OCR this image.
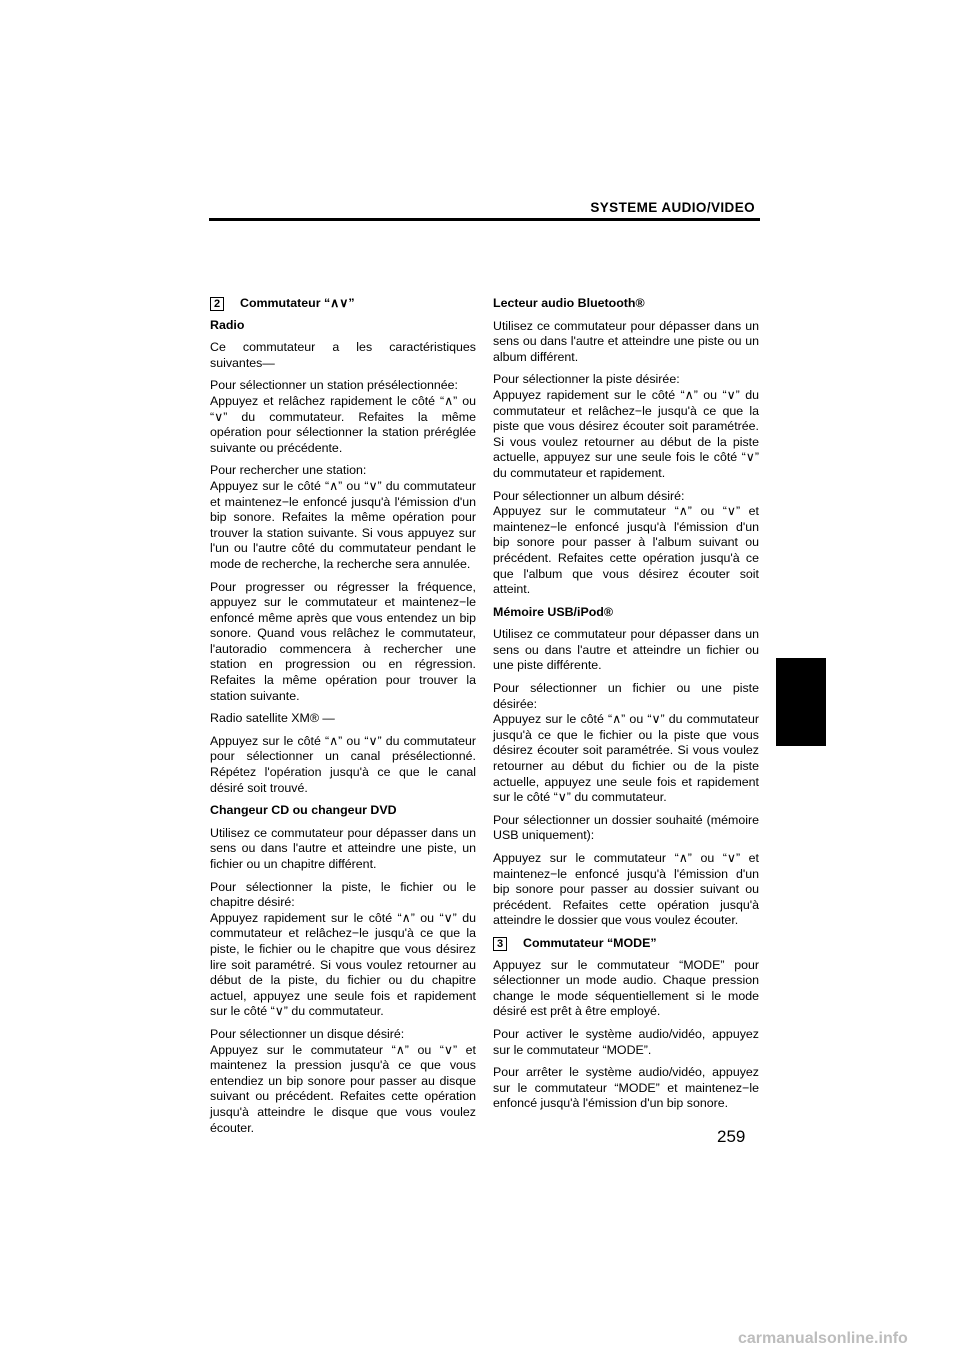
SYSTEME AUDIO/VIDEO
2	Commutateur “∧∨”

Radio

Ce commutateur a les caractéristiques suivantes—

Pour sélectionner un station présélectionnée:
Appuyez et relâchez rapidement le côté “∧” ou “∨” du commutateur. Refaites la même opération pour sélectionner la station préréglée suivante ou précédente.

Pour rechercher une station:
Appuyez sur le côté “∧” ou “∨” du commutateur et maintenez−le enfoncé jusqu'à l'émission d'un bip sonore. Refaites la même opération pour trouver la station suivante. Si vous appuyez sur l'un ou l'autre côté du commutateur pendant le mode de recherche, la recherche sera annulée.

Pour progresser ou régresser la fréquence, appuyez sur le commutateur et maintenez−le enfoncé même après que vous entendez un bip sonore. Quand vous relâchez le commutateur, l'autoradio commencera à rechercher une station en progression ou en régression. Refaites la même opération pour trouver la station suivante.

Radio satellite XM® —

Appuyez sur le côté “∧” ou “∨” du commutateur pour sélectionner un canal présélectionné. Répétez l'opération jusqu'à ce que le canal désiré soit trouvé.

Changeur CD ou changeur DVD

Utilisez ce commutateur pour dépasser dans un sens ou dans l'autre et atteindre une piste, un fichier ou un chapitre différent.

Pour sélectionner la piste, le fichier ou le chapitre désiré:
Appuyez rapidement sur le côté “∧” ou “∨” du commutateur et relâchez−le jusqu'à ce que la piste, le fichier ou le chapitre que vous désirez lire soit paramétré. Si vous voulez retourner au début de la piste, du fichier ou du chapitre actuel, appuyez une seule fois et rapidement sur le côté “∨” du commutateur.

Pour sélectionner un disque désiré:
Appuyez sur le commutateur “∧” ou “∨” et maintenez la pression jusqu'à ce que vous entendiez un bip sonore pour passer au disque suivant ou précédent. Refaites cette opération jusqu'à atteindre le disque que vous voulez écouter.

Lecteur audio Bluetooth®

Utilisez ce commutateur pour dépasser dans un sens ou dans l'autre et atteindre une piste ou un album différent.

Pour sélectionner la piste désirée:
Appuyez rapidement sur le côté “∧” ou “∨” du commutateur et relâchez−le jusqu'à ce que la piste que vous désirez écouter soit paramétrée. Si vous voulez retourner au début de la piste actuelle, appuyez sur une seule fois le côté “∨” du commutateur et rapidement.

Pour sélectionner un album désiré:
Appuyez sur le commutateur “∧” ou “∨” et maintenez−le enfoncé jusqu'à l'émission d'un bip sonore pour passer à l'album suivant ou précédent. Refaites cette opération jusqu'à ce que l'album que vous désirez écouter soit atteint.

Mémoire USB/iPod®

Utilisez ce commutateur pour dépasser dans un sens ou dans l'autre et atteindre un fichier ou une piste différente.

Pour sélectionner un fichier ou une piste désirée:
Appuyez sur le côté “∧” ou “∨” du commutateur jusqu'à ce que le fichier ou la piste que vous désirez écouter soit paramétrée. Si vous voulez retourner au début du fichier ou de la piste actuelle, appuyez une seule fois et rapidement sur le côté “∨” du commutateur.

Pour sélectionner un dossier souhaité (mémoire USB uniquement):

Appuyez sur le commutateur “∧” ou “∨” et maintenez−le enfoncé jusqu'à l'émission d'un bip sonore pour passer au dossier suivant ou précédent. Refaites cette opération jusqu'à atteindre le dossier que vous voulez écouter.

3	Commutateur “MODE”

Appuyez sur le commutateur “MODE” pour sélectionner un mode audio. Chaque pression change le mode séquentiellement si le mode désiré est prêt à être employé.

Pour activer le système audio/vidéo, appuyez sur le commutateur “MODE”.

Pour arrêter le système audio/vidéo, appuyez sur le commutateur “MODE” et maintenez−le enfoncé jusqu'à l'émission d'un bip sonore.

259
carmanualsonline.info
